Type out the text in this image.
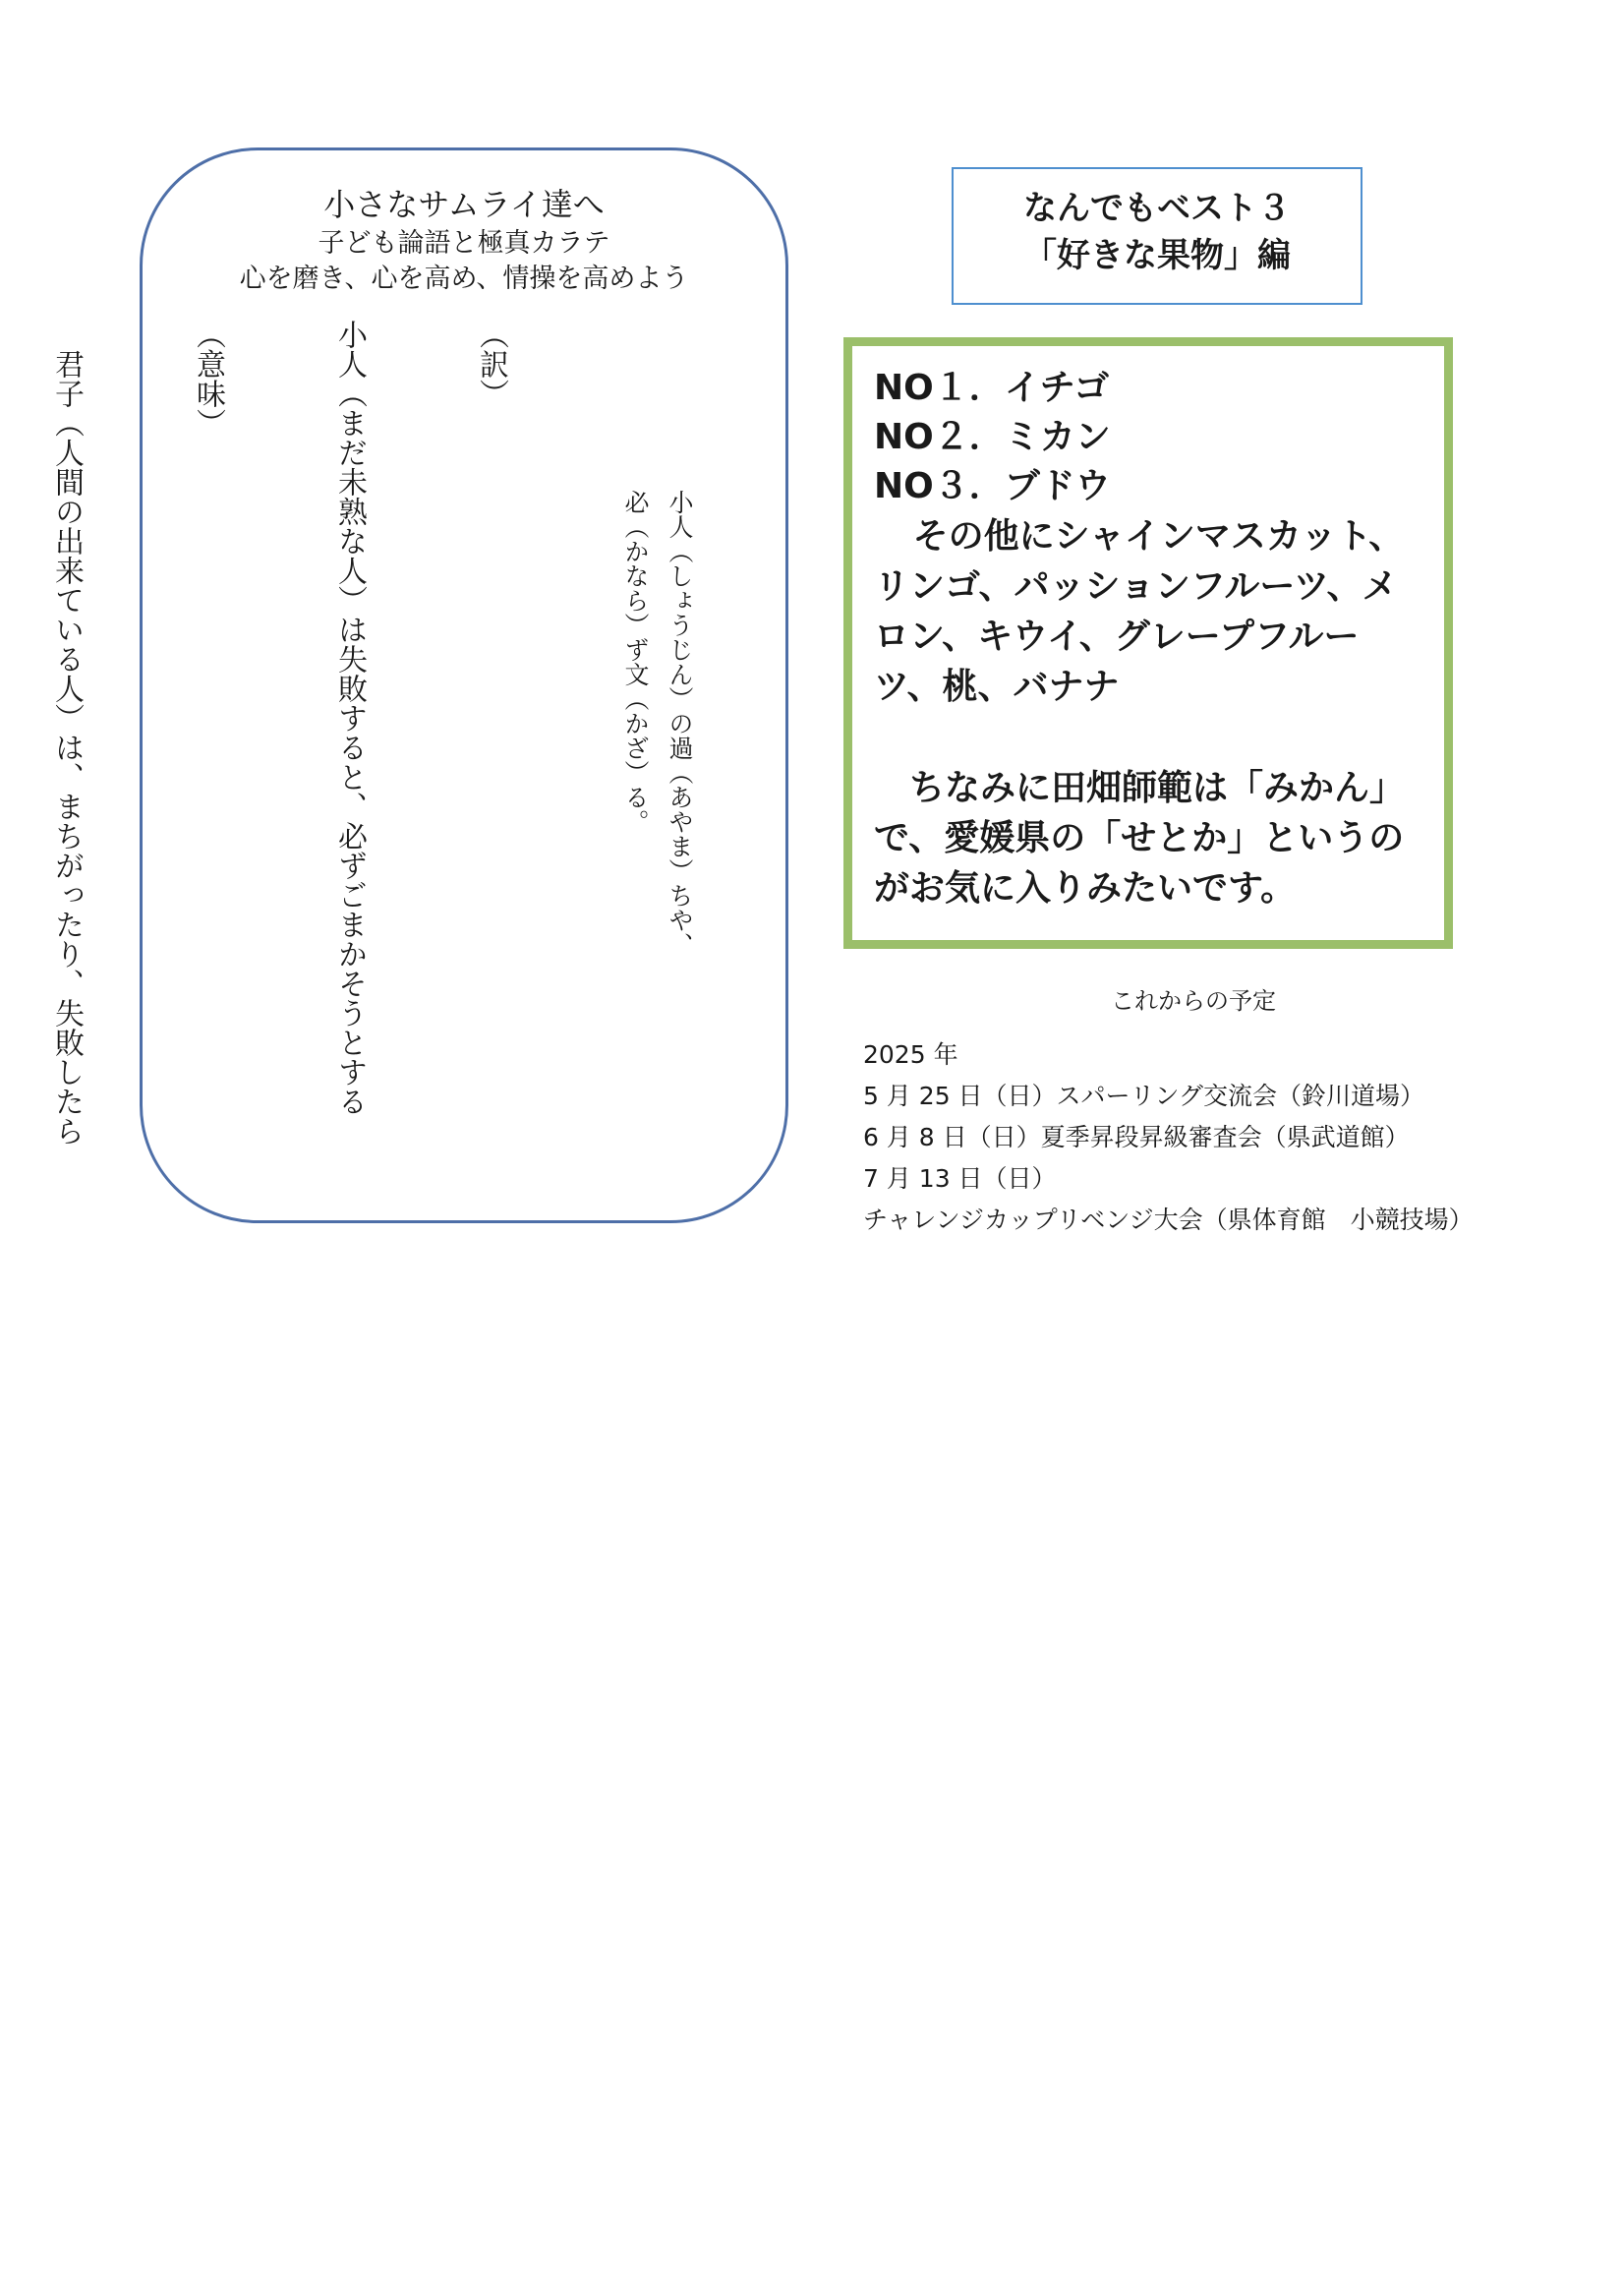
小さなサムライ達へ
子ども論語と極真カラテ
心を磨き、心を高め、情操を高めよう
小人（しょうじん）の過（あやま）ちや、
必（かなら）ず文（かざ）る。

（訳）

小人（まだ未熟な人）は失敗すると、必ずごまかそうとする

（意味）

　君子（人間の出来ている人）は、まちがったり、失敗したら

なんでもベスト３
「好きな果物」編
NO１．イチゴ
NO２．ミカン
NO３．ブドウ
その他にシャインマスカット、リンゴ、パッションフルーツ、メロン、キウイ、グレープフルーツ、桃、バナナ
　ちなみに田畑師範は「みかん」で、愛媛県の「せとか」というのがお気に入りみたいです。
これからの予定
2025 年
5 月 25 日（日）スパーリング交流会（鈴川道場）
6 月 8 日（日）夏季昇段昇級審査会（県武道館）
7 月 13 日（日）
チャレンジカップリベンジ大会（県体育館　小競技場）
